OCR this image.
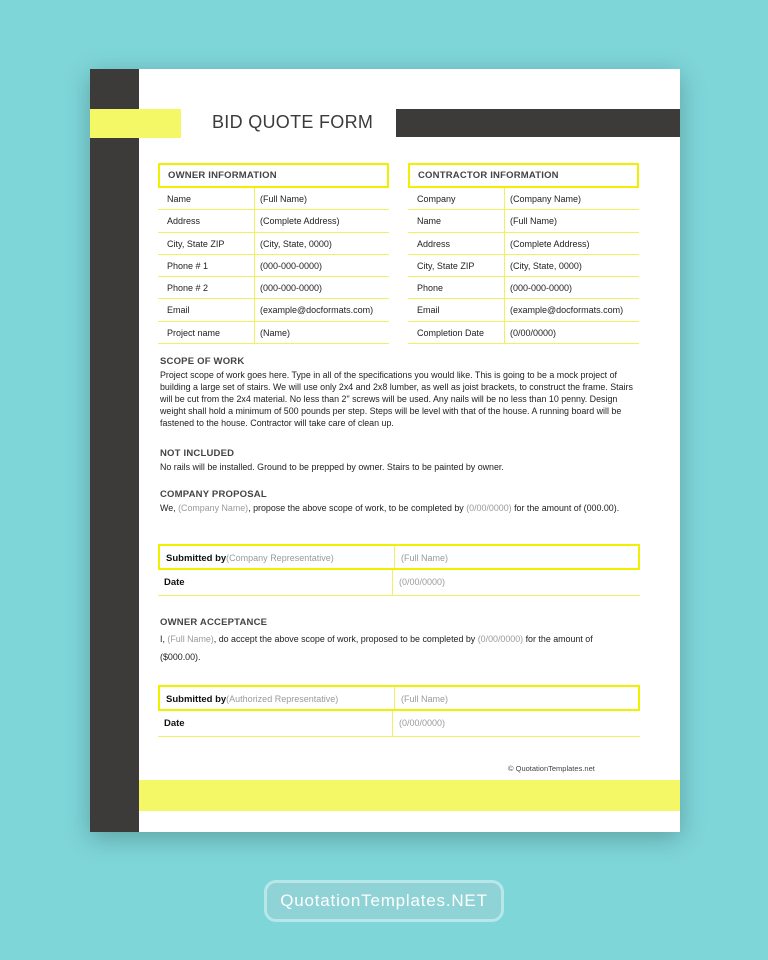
BID QUOTE FORM
OWNER INFORMATION
Name	(Full Name)
Address	(Complete Address)
City, State ZIP	(City, State, 0000)
Phone # 1	(000-000-0000)
Phone # 2	(000-000-0000)
Email	(example@docformats.com)
Project name	(Name)
CONTRACTOR INFORMATION
Company	(Company Name)
Name	(Full Name)
Address	(Complete Address)
City, State ZIP	(City, State, 0000)
Phone	(000-000-0000)
Email	(example@docformats.com)
Completion Date	(0/00/0000)
SCOPE OF WORK
Project scope of work goes here. Type in all of the specifications you would like. This is going to be a mock project of building a large set of stairs. We will use only 2x4 and 2x8 lumber, as well as joist brackets, to construct the frame. Stairs will be cut from the 2x4 material. No less than 2" screws will be used. Any nails will be no less than 10 penny. Design weight shall hold a minimum of 500 pounds per step. Steps will be level with that of the house. A running board will be fastened to the house. Contractor will take care of clean up.
NOT INCLUDED
No rails will be installed. Ground to be prepped by owner. Stairs to be painted by owner.
COMPANY PROPOSAL
We, (Company Name), propose the above scope of work, to be completed by (0/00/0000) for the amount of (000.00).
Submitted by(Company Representative)	(Full Name)
Date	(0/00/0000)
OWNER ACCEPTANCE
I, (Full Name), do accept the above scope of work, proposed to be completed by (0/00/0000) for the amount of ($000.00).
Submitted by(Authorized Representative)	(Full Name)
Date	(0/00/0000)
© QuotationTemplates.net
QuotationTemplates.NET
